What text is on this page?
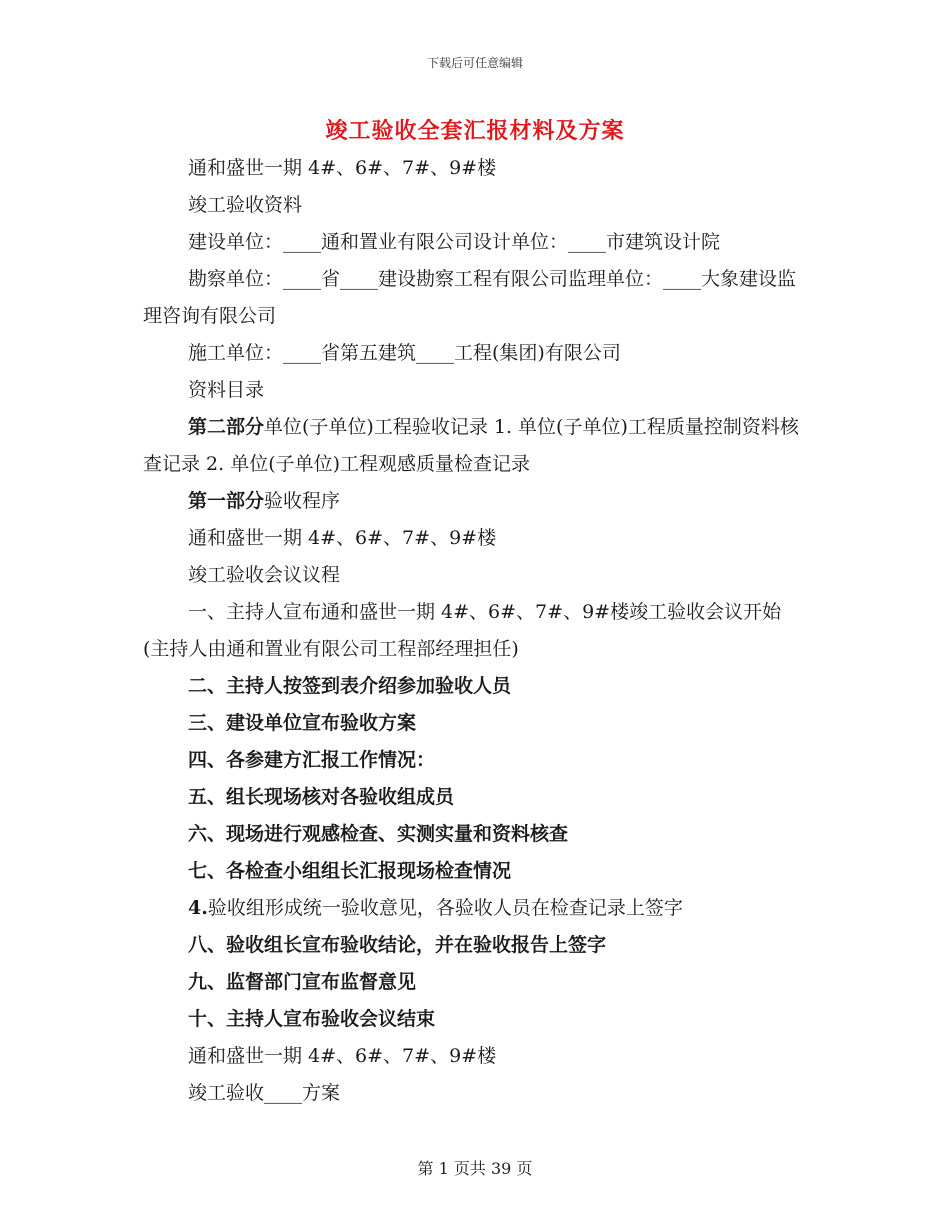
下载后可任意编辑
竣工验收全套汇报材料及方案

通和盛世一期 4#、6#、7#、9#楼

竣工验收资料

建设单位：____通和置业有限公司设计单位：____市建筑设计院

勘察单位：____省____建设勘察工程有限公司监理单位：____大象建设监理咨询有限公司

施工单位：____省第五建筑____工程(集团)有限公司

资料目录

第二部分单位(子单位)工程验收记录 1. 单位(子单位)工程质量控制资料核查记录 2. 单位(子单位)工程观感质量检查记录

第一部分验收程序

通和盛世一期 4#、6#、7#、9#楼

竣工验收会议议程

一、主持人宣布通和盛世一期 4#、6#、7#、9#楼竣工验收会议开始(主持人由通和置业有限公司工程部经理担任)

二、主持人按签到表介绍参加验收人员

三、建设单位宣布验收方案

四、各参建方汇报工作情况：

五、组长现场核对各验收组成员

六、现场进行观感检查、实测实量和资料核查

七、各检查小组组长汇报现场检查情况

4.验收组形成统一验收意见，各验收人员在检查记录上签字

八、验收组长宣布验收结论，并在验收报告上签字

九、监督部门宣布监督意见

十、主持人宣布验收会议结束

通和盛世一期 4#、6#、7#、9#楼

竣工验收____方案

第 1 页共 39 页
